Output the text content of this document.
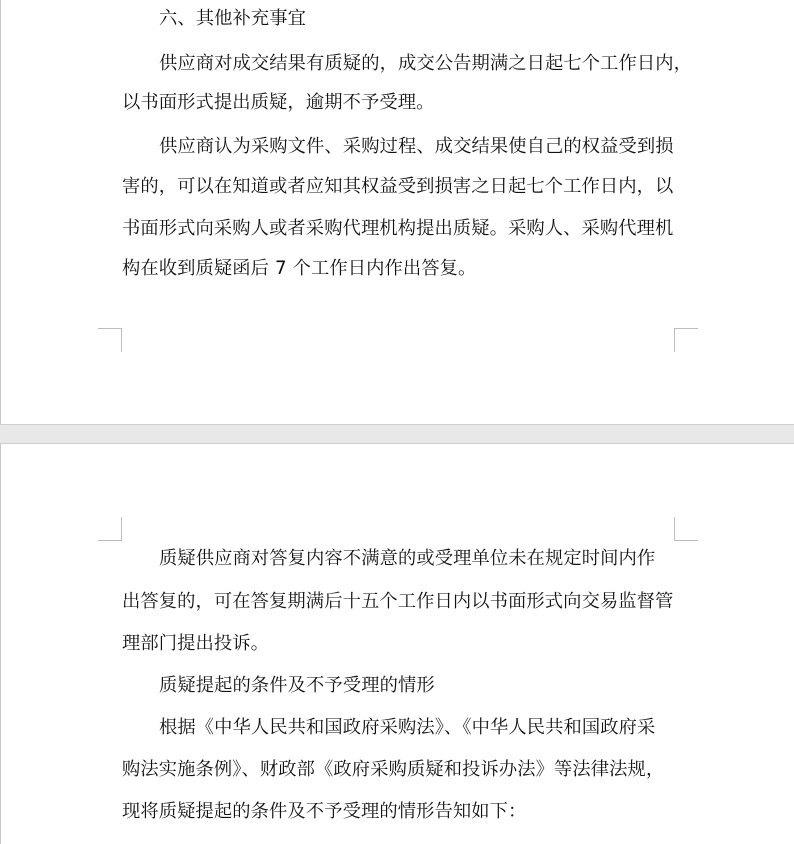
六、其他补充事宜
供应商对成交结果有质疑的，成交公告期满之日起七个工作日内，
以书面形式提出质疑，逾期不予受理。
供应商认为采购文件、采购过程、成交结果使自己的权益受到损
害的，可以在知道或者应知其权益受到损害之日起七个工作日内，以
书面形式向采购人或者采购代理机构提出质疑。采购人、采购代理机
构在收到质疑函后 7 个工作日内作出答复。
质疑供应商对答复内容不满意的或受理单位未在规定时间内作
出答复的，可在答复期满后十五个工作日内以书面形式向交易监督管
理部门提出投诉。
质疑提起的条件及不予受理的情形
根据《中华人民共和国政府采购法》、《中华人民共和国政府采
购法实施条例》、财政部《政府采购质疑和投诉办法》等法律法规，
现将质疑提起的条件及不予受理的情形告知如下：
